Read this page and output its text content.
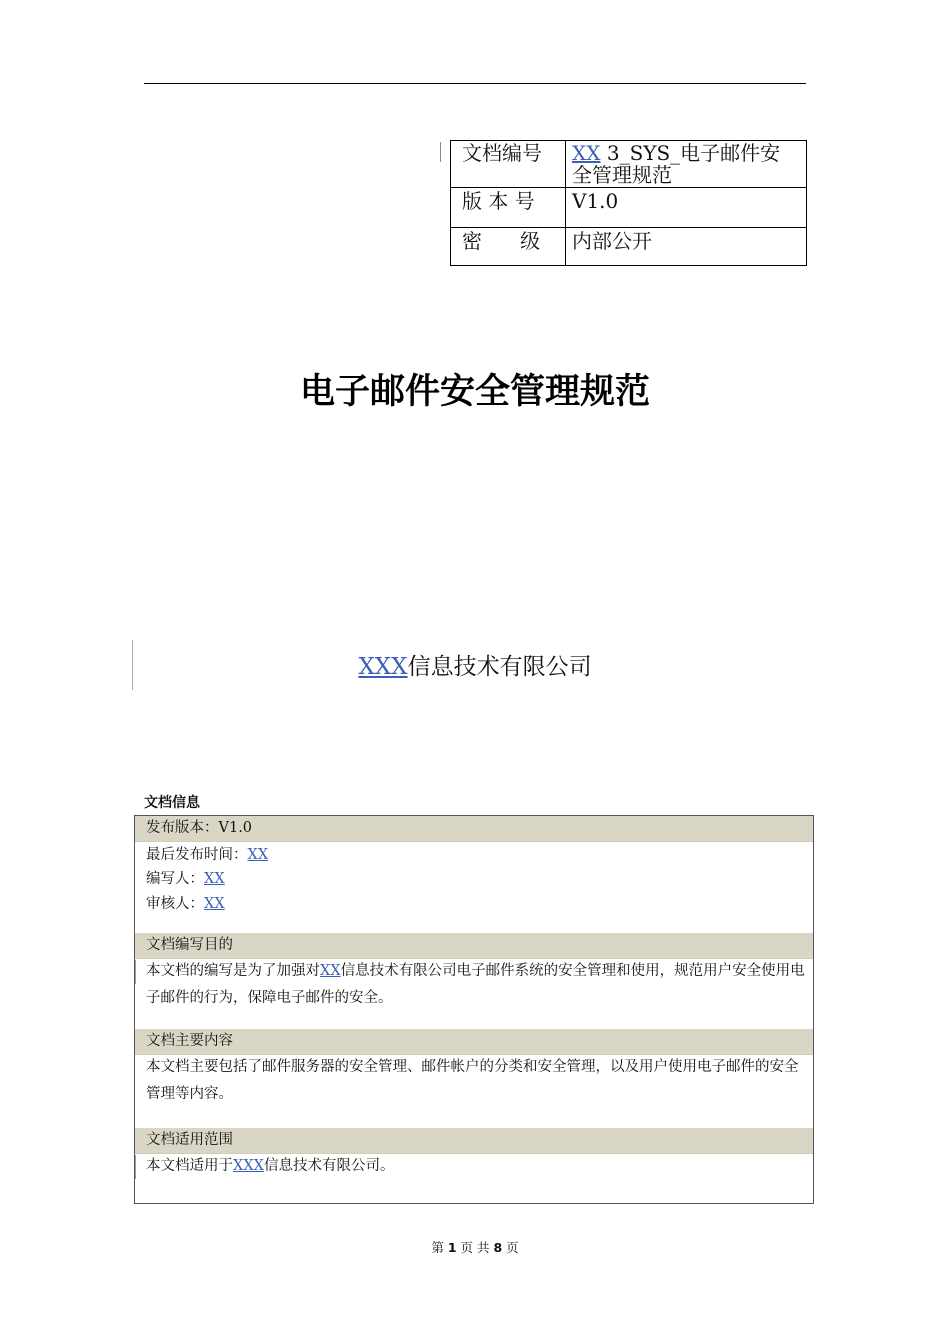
文档编号	XX 3_SYS_电子邮件安全管理规范
版 本 号	V1.0
密      级	内部公开
电子邮件安全管理规范
XXX信息技术有限公司
文档信息
发布版本：V1.0
最后发布时间：XX
编写人：XX
审核人：XX
文档编写目的
本文档的编写是为了加强对XX信息技术有限公司电子邮件系统的安全管理和使用，规范用户安全使用电子邮件的行为，保障电子邮件的安全。
文档主要内容
本文档主要包括了邮件服务器的安全管理、邮件帐户的分类和安全管理，以及用户使用电子邮件的安全管理等内容。
文档适用范围
本文档适用于XXX信息技术有限公司。
第 1 页 共 8 页
